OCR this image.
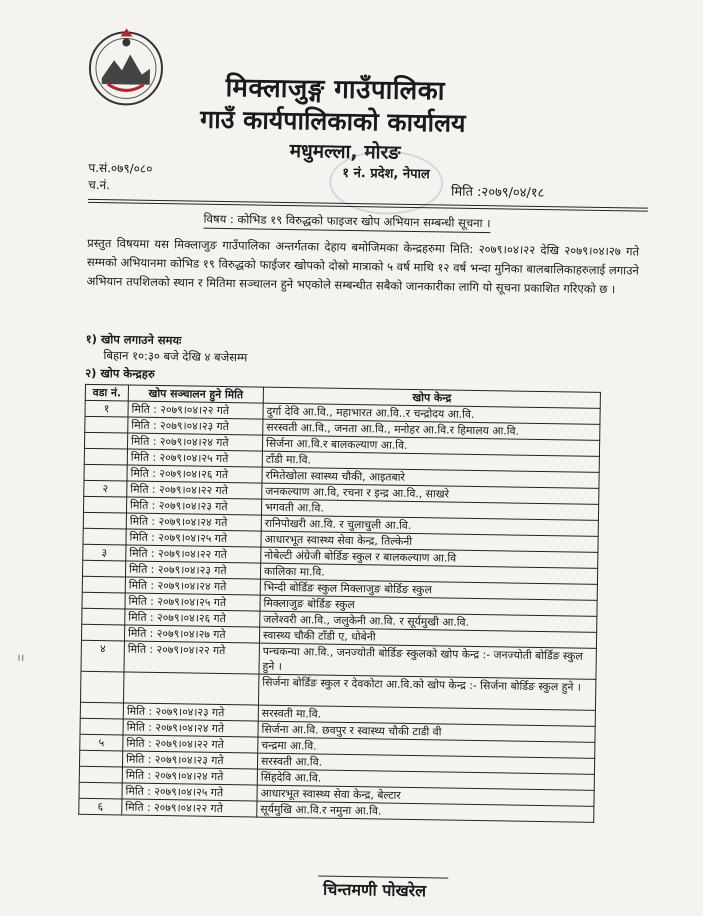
मिक्लाजुङ्ग गाउँपालिका
गाउँ कार्यपालिकाको कार्यालय
मधुमल्ला, मोरङ
१ नं. प्रदेश, नेपाल
प.सं.०७९/०८०
च.नं.	मिति :२०७९/०४/१८
विषय : कोभिड १९ विरुद्धको फाइजर खोप अभियान सम्बन्धी सूचना ।
प्रस्तुत विषयमा यस मिक्लाजुङ गाउँपालिका अन्तर्गतका देहाय बमोजिमका केन्द्रहरुमा मिति: २०७९।०४।२२ देखि २०७९।०४।२७ गते सम्मको अभियानमा कोभिड १९ विरुद्धको फाईजर खोपको दोस्रो मात्राको ५ वर्ष माथि १२ वर्ष भन्दा मुनिका बालबालिकाहरुलाई लगाउने अभियान तपशिलको स्थान र मितिमा सञ्चालन हुने भएकोले सम्बन्धीत सबैको जानकारीका लागि यो सूचना प्रकाशित गरिएको छ ।
१) खोप लगाउने समयः
बिहान १०:३० बजे देखि ४ बजेसम्म
२) खोप केन्द्रहरु
वडा नं.	खोप सञ्चालन हुने मिति	खोप केन्द्र
१	मिति : २०७९।०४।२२ गते	दुर्गा देवि आ.वि., महाभारत आ.वि..र चन्द्रोदय आ.वि.
	मिति : २०७९।०४।२३ गते	सरस्वती आ.वि., जनता आ.वि., मनोहर आ.वि.र हिमालय आ.वि.
	मिति : २०७९।०४।२४ गते	सिर्जना आ.वि.र बालकल्याण आ.वि.
	मिति : २०७९।०४।२५ गते	टाँडी मा.वि.
	मिति : २०७९।०४।२६ गते	रमितेखोला स्वास्थ्य चौकी, आइतबारे
२	मिति : २०७९।०४।२२ गते	जनकल्याण आ.वि, रचना र इन्द्र आ.वि., साखरे
	मिति : २०७९।०४।२३ गते	भगवती आ.वि.
	मिति : २०७९।०४।२४ गते	रानिपोखरी आ.वि. र चुलाचुली आ.वि.
	मिति : २०७९।०४।२५ गते	आधारभूत स्वास्थ्य सेवा केन्द्र, तिल्केनी
३	मिति : २०७९।०४।२२ गते	नोबेल्टी अंग्रेजी बोर्डिङ स्कुल र बालकल्याण आ.वि
	मिति : २०७९।०४।२३ गते	कालिका मा.वि.
	मिति : २०७९।०४।२४ गते	भिन्दी बोर्डिङ स्कुल मिक्लाजुङ बोर्डिङ स्कुल
	मिति : २०७९।०४।२५ गते	मिक्लाजुङ बोर्डिङ स्कुल
	मिति : २०७९।०४।२६ गते	जलेश्वरी आ.वि., जलुकेनी आ.वि. र सूर्यमुखी आ.वि.
	मिति : २०७९।०४।२७ गते	स्वास्थ्य चौकी टाँडी ए, धोबेनी
४	मिति : २०७९।०४।२२ गते	पन्चकन्या आ.वि., जनज्योती बोर्डिङ स्कुलको खोप केन्द्र :- जनज्योती बोर्डिङ स्कुल हुने ।
		सिर्जना बोर्डिङ स्कुल र देवकोटा आ.वि.को खोप केन्द्र :- सिर्जना बोर्डिङ स्कुल हुने ।
	मिति : २०७९।०४।२३ गते	सरस्वती मा.वि.
	मिति : २०७९।०४।२४ गते	सिर्जना आ.वि. छवपुर र स्वास्थ्य चौकी टाडी वी
५	मिति : २०७९।०४।२२ गते	चन्द्रमा आ.वि.
	मिति : २०७९।०४।२३ गते	सरस्वती आ.वि.
	मिति : २०७९।०४।२४ गते	सिंहदेवि आ.वि.
	मिति : २०७९।०४।२५ गते	आधारभूत स्वास्थ्य सेवा केन्द्र, बेल्टार
६	मिति : २०७९।०४।२२ गते	सूर्यमुखि आ.वि.र नमुना आ.वि.
।।
चिन्तमणी पोखरेल
